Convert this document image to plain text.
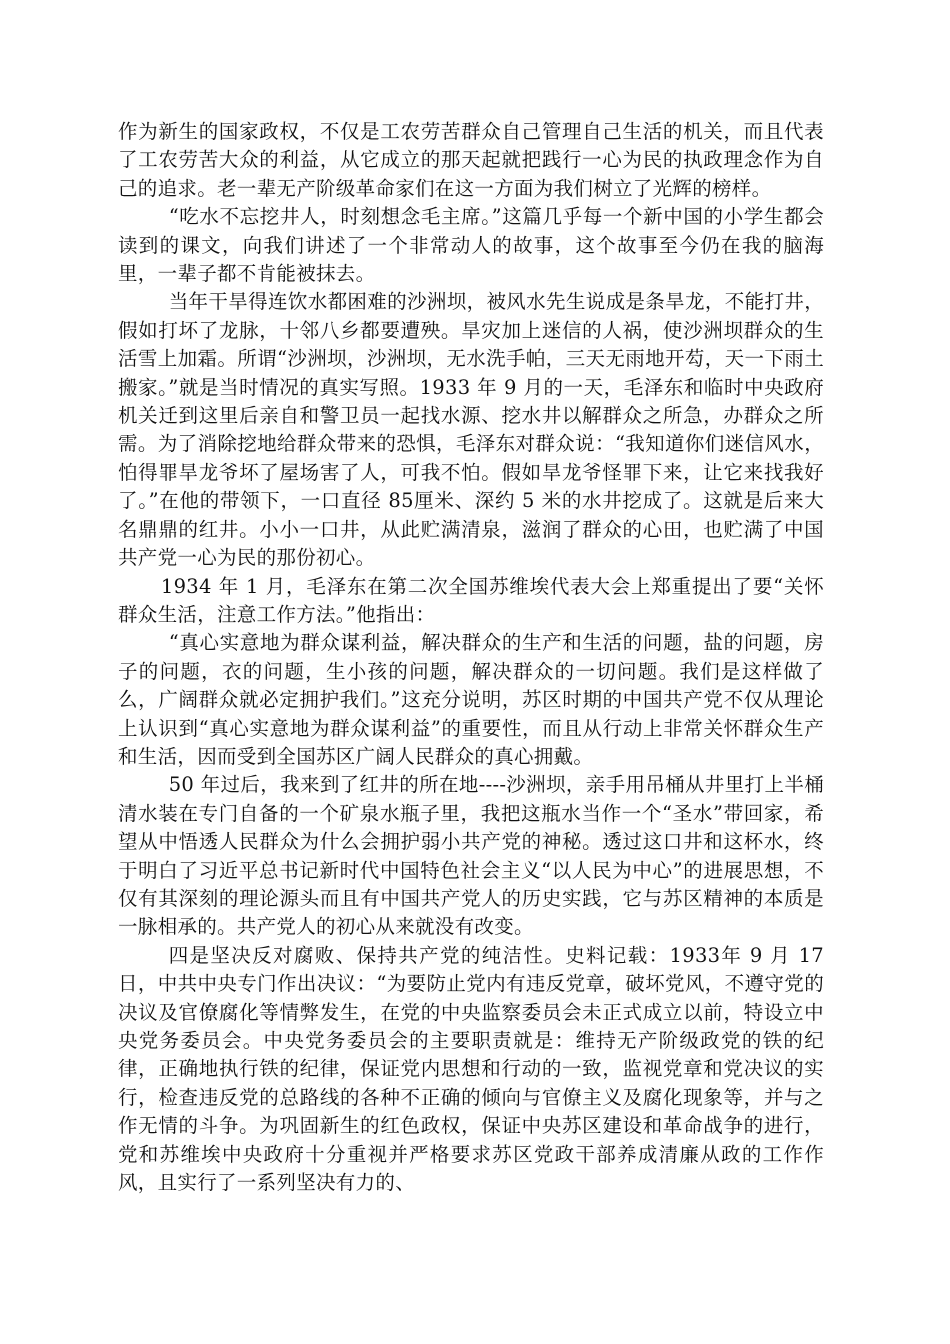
作为新生的国家政权，不仅是工农劳苦群众自己管理自己生活的机关，而且代表了工农劳苦大众的利益，从它成立的那天起就把践行一心为民的执政理念作为自己的追求。老一辈无产阶级革命家们在这一方面为我们树立了光辉的榜样。

“吃水不忘挖井人，时刻想念毛主席。”这篇几乎每一个新中国的小学生都会读到的课文，向我们讲述了一个非常动人的故事，这个故事至今仍在我的脑海里，一辈子都不肯能被抹去。

当年干旱得连饮水都困难的沙洲坝，被风水先生说成是条旱龙，不能打井，假如打坏了龙脉，十邻八乡都要遭殃。旱灾加上迷信的人祸，使沙洲坝群众的生活雪上加霜。所谓“沙洲坝，沙洲坝，无水洗手帕，三天无雨地开芶，天一下雨土搬家。”就是当时情况的真实写照。1933 年 9 月的一天，毛泽东和临时中央政府机关迁到这里后亲自和警卫员一起找水源、挖水井以解群众之所急，办群众之所需。为了消除挖地给群众带来的恐惧，毛泽东对群众说：“我知道你们迷信风水，怕得罪旱龙爷坏了屋场害了人，可我不怕。假如旱龙爷怪罪下来，让它来找我好了。”在他的带领下，一口直径 85厘米、深约 5 米的水井挖成了。这就是后来大名鼎鼎的红井。小小一口井，从此贮满清泉，滋润了群众的心田，也贮满了中国共产党一心为民的那份初心。

1934 年 1 月，毛泽东在第二次全国苏维埃代表大会上郑重提出了要“关怀群众生活，注意工作方法。”他指出：

“真心实意地为群众谋利益，解决群众的生产和生活的问题，盐的问题，房子的问题，衣的问题，生小孩的问题，解决群众的一切问题。我们是这样做了么，广阔群众就必定拥护我们。”这充分说明，苏区时期的中国共产党不仅从理论上认识到“真心实意地为群众谋利益”的重要性，而且从行动上非常关怀群众生产和生活，因而受到全国苏区广阔人民群众的真心拥戴。

50 年过后，我来到了红井的所在地----沙洲坝，亲手用吊桶从井里打上半桶清水装在专门自备的一个矿泉水瓶子里，我把这瓶水当作一个“圣水”带回家，希望从中悟透人民群众为什么会拥护弱小共产党的神秘。透过这口井和这杯水，终于明白了习近平总书记新时代中国特色社会主义“以人民为中心”的进展思想，不仅有其深刻的理论源头而且有中国共产党人的历史实践，它与苏区精神的本质是一脉相承的。共产党人的初心从来就没有改变。

四是坚决反对腐败、保持共产党的纯洁性。史料记载：1933年 9 月 17 日，中共中央专门作出决议：“为要防止党内有违反党章，破坏党风，不遵守党的决议及官僚腐化等情弊发生，在党的中央监察委员会未正式成立以前，特设立中央党务委员会。中央党务委员会的主要职责就是：维持无产阶级政党的铁的纪律，正确地执行铁的纪律，保证党内思想和行动的一致，监视党章和党决议的实行，检查违反党的总路线的各种不正确的倾向与官僚主义及腐化现象等，并与之作无情的斗争。为巩固新生的红色政权，保证中央苏区建设和革命战争的进行，党和苏维埃中央政府十分重视并严格要求苏区党政干部养成清廉从政的工作作风，且实行了一系列坚决有力的、
